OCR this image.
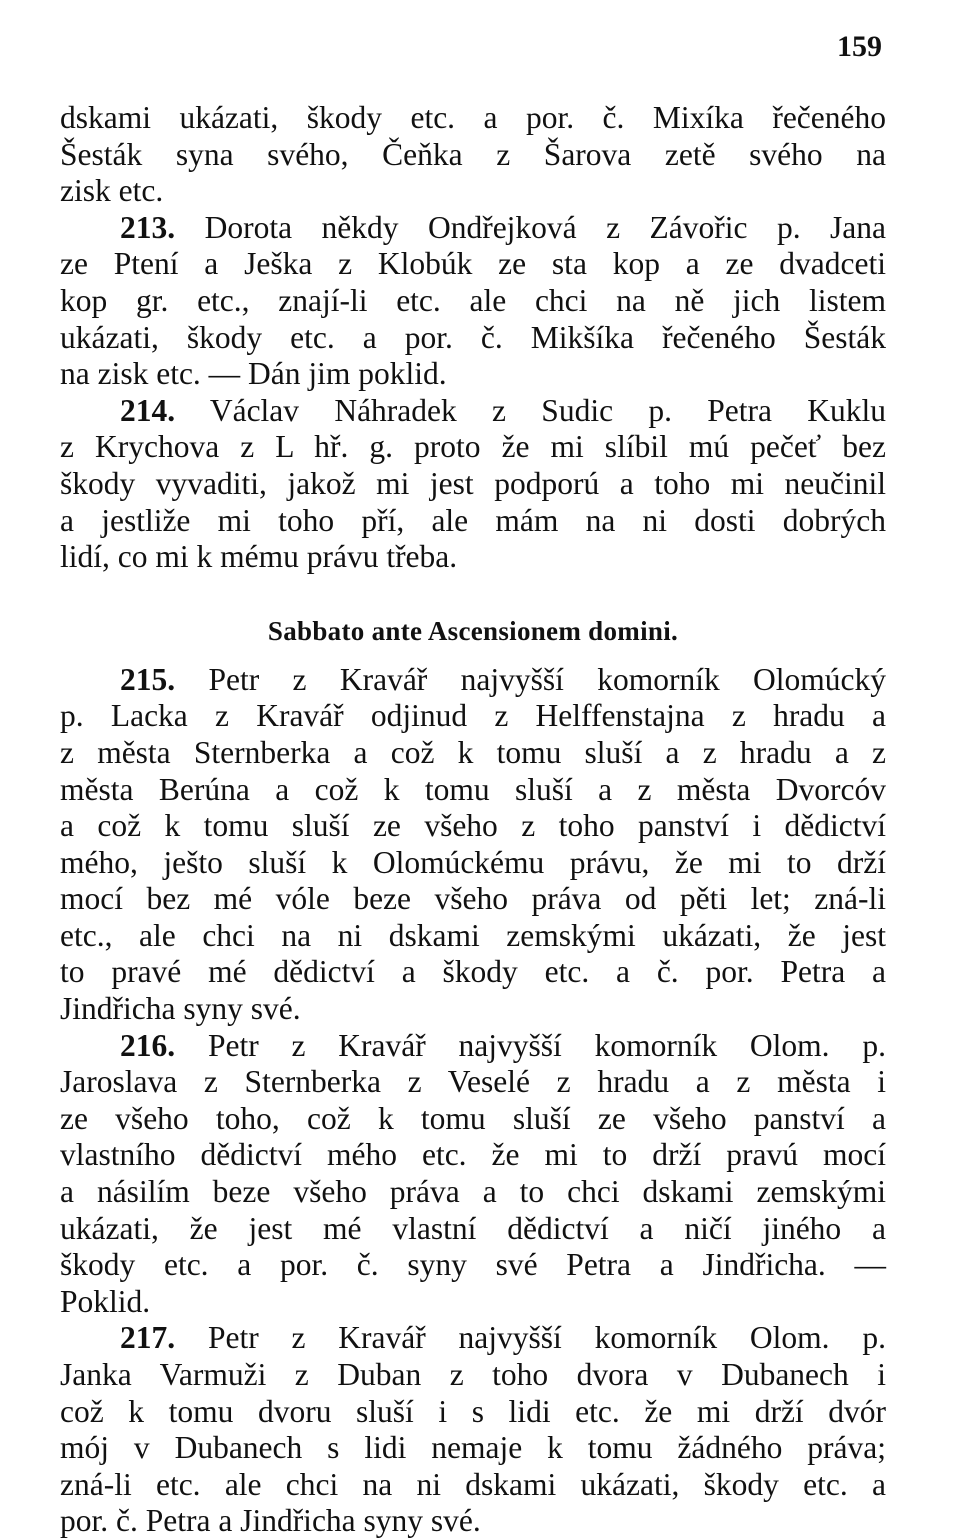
159
dskami ukázati, škody etc. a por. č. Mixíka řečeného
Šesták syna svého, Čeňka z Šarova zetě svého na
zisk etc.
213. Dorota někdy Ondřejková z Závořic p. Jana
ze Ptení a Ješka z Klobúk ze sta kop a ze dvadceti
kop gr. etc., znají-li etc. ale chci na ně jich listem
ukázati, škody etc. a por. č. Mikšíka řečeného Šesták
na zisk etc. — Dán jim poklid.
214. Václav Náhradek z Sudic p. Petra Kuklu
z Krychova z L hř. g. proto že mi slíbil mú pečeť bez
škody vyvaditi, jakož mi jest podporú a toho mi neučinil
a jestliže mi toho pří, ale mám na ni dosti dobrých
lidí, co mi k mému právu třeba.
Sabbato ante Ascensionem domini.
215. Petr z Kravář najvyšší komorník Olomúcký
p. Lacka z Kravář odjinud z Helffenstajna z hradu a
z města Sternberka a což k tomu sluší a z hradu a z
města Berúna a což k tomu sluší a z města Dvorcóv
a což k tomu sluší ze všeho z toho panství i dědictví
mého, ješto sluší k Olomúckému právu, že mi to drží
mocí bez mé vóle beze všeho práva od pěti let; zná-li
etc., ale chci na ni dskami zemskými ukázati, že jest
to pravé mé dědictví a škody etc. a č. por. Petra a
Jindřicha syny své.
216. Petr z Kravář najvyšší komorník Olom. p.
Jaroslava z Sternberka z Veselé z hradu a z města i
ze všeho toho, což k tomu sluší ze všeho panství a
vlastního dědictví mého etc. že mi to drží pravú mocí
a násilím beze všeho práva a to chci dskami zemskými
ukázati, že jest mé vlastní dědictví a ničí jiného a
škody etc. a por. č. syny své Petra a Jindřicha. —
Poklid.
217. Petr z Kravář najvyšší komorník Olom. p.
Janka Varmuži z Duban z toho dvora v Dubanech i
což k tomu dvoru sluší i s lidi etc. že mi drží dvór
mój v Dubanech s lidi nemaje k tomu žádného práva;
zná-li etc. ale chci na ni dskami ukázati, škody etc. a
por. č. Petra a Jindřicha syny své.
